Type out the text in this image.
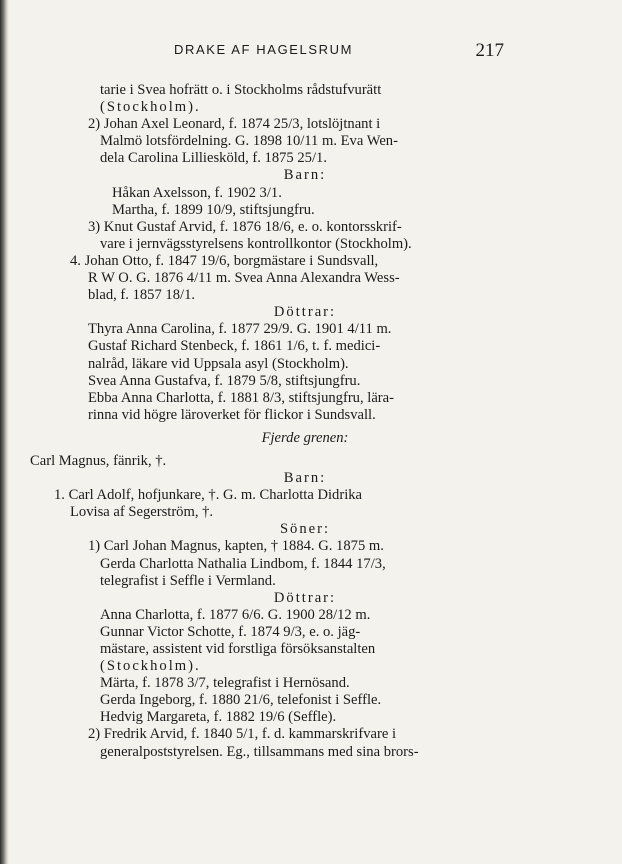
DRAKE AF HAGELSRUM	217
tarie i Svea hofrätt o. i Stockholms rådstufvurätt
(Stockholm).
2) Johan Axel Leonard, f. 1874 25/3, lotslöjtnant i
Malmö lotsfördelning. G. 1898 10/11 m. Eva Wen-
dela Carolina Lilliesköld, f. 1875 25/1.
Barn:
Håkan Axelsson, f. 1902 3/1.
Martha, f. 1899 10/9, stiftsjungfru.
3) Knut Gustaf Arvid, f. 1876 18/6, e. o. kontorsskrif-
vare i jernvägsstyrelsens kontrollkontor (Stockholm).
4. Johan Otto, f. 1847 19/6, borgmästare i Sundsvall,
R W O. G. 1876 4/11 m. Svea Anna Alexandra Wess-
blad, f. 1857 18/1.
Döttrar:
Thyra Anna Carolina, f. 1877 29/9. G. 1901 4/11 m.
Gustaf Richard Stenbeck, f. 1861 1/6, t. f. medici-
nalråd, läkare vid Uppsala asyl (Stockholm).
Svea Anna Gustafva, f. 1879 5/8, stiftsjungfru.
Ebba Anna Charlotta, f. 1881 8/3, stiftsjungfru, lära-
rinna vid högre läroverket för flickor i Sundsvall.
Fjerde grenen:
Carl Magnus, fänrik, †.
Barn:
1. Carl Adolf, hofjunkare, †. G. m. Charlotta Didrika
Lovisa af Segerström, †.
Söner:
1) Carl Johan Magnus, kapten, † 1884. G. 1875 m.
Gerda Charlotta Nathalia Lindbom, f. 1844 17/3,
telegrafist i Seffle i Vermland.
Döttrar:
Anna Charlotta, f. 1877 6/6. G. 1900 28/12 m.
Gunnar Victor Schotte, f. 1874 9/3, e. o. jäg-
mästare, assistent vid forstliga försöksanstalten
(Stockholm).
Märta, f. 1878 3/7, telegrafist i Hernösand.
Gerda Ingeborg, f. 1880 21/6, telefonist i Seffle.
Hedvig Margareta, f. 1882 19/6 (Seffle).
2) Fredrik Arvid, f. 1840 5/1, f. d. kammarskrifvare i
generalpoststyrelsen. Eg., tillsammans med sina brors-
